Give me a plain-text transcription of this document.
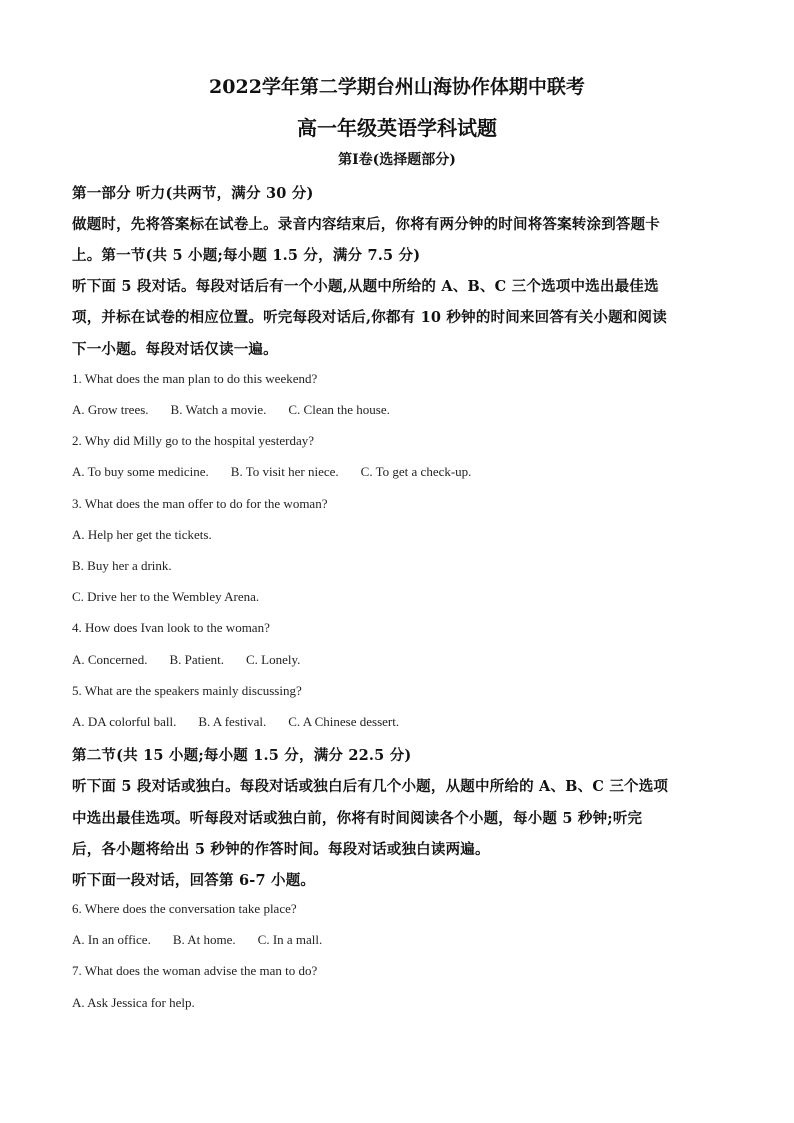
2022学年第二学期台州山海协作体期中联考
高一年级英语学科试题
第Ⅰ卷(选择题部分)
第一部分 听力(共两节，满分 30 分)
做题时，先将答案标在试卷上。录音内容结束后，你将有两分钟的时间将答案转涂到答题卡
上。第一节(共 5 小题;每小题 1.5 分，满分 7.5 分)
听下面 5 段对话。每段对话后有一个小题,从题中所给的 A、B、C 三个选项中选出最佳选
项，并标在试卷的相应位置。听完每段对话后,你都有 10 秒钟的时间来回答有关小题和阅读
下一小题。每段对话仅读一遍。
1. What does the man plan to do this weekend?
A. Grow trees. B. Watch a movie. C. Clean the house.
2. Why did Milly go to the hospital yesterday?
A. To buy some medicine. B. To visit her niece. C. To get a check-up.
3. What does the man offer to do for the woman?
A. Help her get the tickets.
B. Buy her a drink.
C. Drive her to the Wembley Arena.
4. How does Ivan look to the woman?
A. Concerned. B. Patient. C. Lonely.
5. What are the speakers mainly discussing?
A. DA colorful ball. B. A festival. C. A Chinese dessert.
第二节(共 15 小题;每小题 1.5 分，满分 22.5 分)
听下面 5 段对话或独白。每段对话或独白后有几个小题，从题中所给的 A、B、C 三个选项
中选出最佳选项。听每段对话或独白前，你将有时间阅读各个小题，每小题 5 秒钟;听完
后，各小题将给出 5 秒钟的作答时间。每段对话或独白读两遍。
听下面一段对话，回答第 6-7 小题。
6. Where does the conversation take place?
A. In an office. B. At home. C. In a mall.
7. What does the woman advise the man to do?
A. Ask Jessica for help.
